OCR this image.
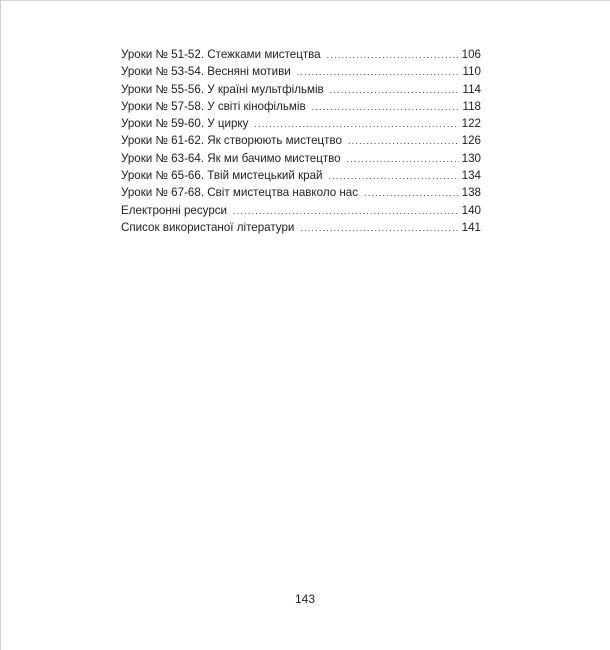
Уроки № 51-52. Стежками мистецтва .....	106
Уроки № 53-54. Весняні мотиви .....	110
Уроки № 55-56. У країні мультфільмів .....	114
Уроки № 57-58. У світі кінофільмів .....	118
Уроки № 59-60. У цирку .....	122
Уроки № 61-62. Як створюють мистецтво .....	126
Уроки № 63-64. Як ми бачимо мистецтво .....	130
Уроки № 65-66. Твій мистецький край .....	134
Уроки № 67-68. Світ мистецтва навколо нас .....	138
Електронні ресурси .....	140
Список використаної літератури .....	141
143
